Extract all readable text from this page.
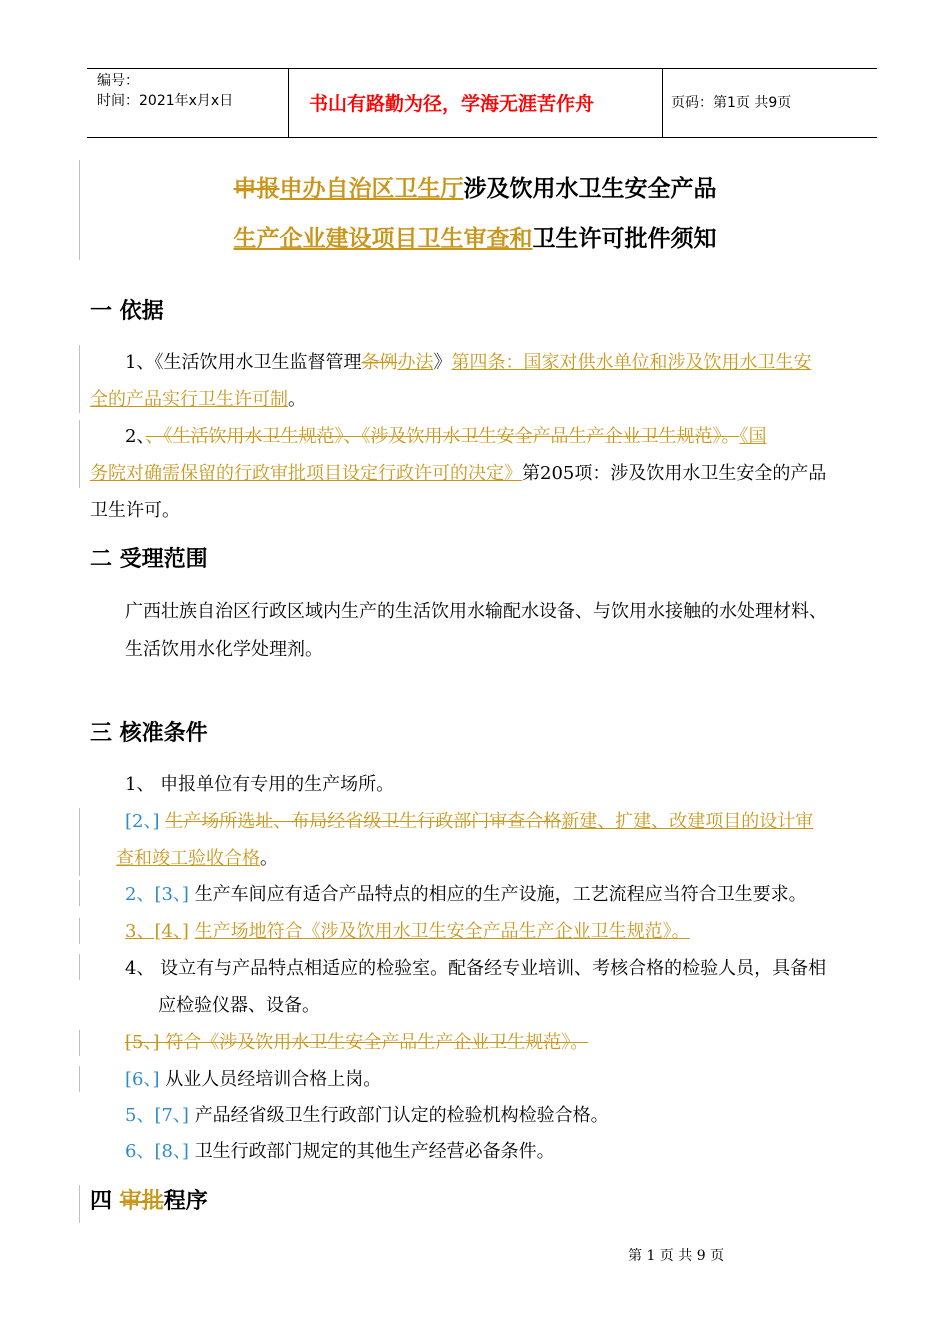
编号：
时间：2021年x月x日	书山有路勤为径，学海无涯苦作舟	页码：第1页 共9页
申报申办自治区卫生厅涉及饮用水卫生安全产品
生产企业建设项目卫生审查和卫生许可批件须知
一 依据
1、《生活饮用水卫生监督管理条例办法》第四条：国家对供水单位和涉及饮用水卫生安
全的产品实行卫生许可制。
2、、《生活饮用水卫生规范》、《涉及饮用水卫生安全产品生产企业卫生规范》。《国
务院对确需保留的行政审批项目设定行政许可的决定》第205项：涉及饮用水卫生安全的产品
卫生许可。
二 受理范围
广西壮族自治区行政区域内生产的生活饮用水输配水设备、与饮用水接触的水处理材料、
生活饮用水化学处理剂。
三 核准条件
1、 申报单位有专用的生产场所。
[2、] 生产场所选址、布局经省级卫生行政部门审查合格新建、扩建、改建项目的设计审
查和竣工验收合格。
2、[3、] 生产车间应有适合产品特点的相应的生产设施，工艺流程应当符合卫生要求。
3、[4、] 生产场地符合《涉及饮用水卫生安全产品生产企业卫生规范》。
4、 设立有与产品特点相适应的检验室。配备经专业培训、考核合格的检验人员，具备相
应检验仪器、设备。
[5、] 符合《涉及饮用水卫生安全产品生产企业卫生规范》。
[6、] 从业人员经培训合格上岗。
5、[7、] 产品经省级卫生行政部门认定的检验机构检验合格。
6、[8、] 卫生行政部门规定的其他生产经营必备条件。
四 审批程序
第 1 页 共 9 页
